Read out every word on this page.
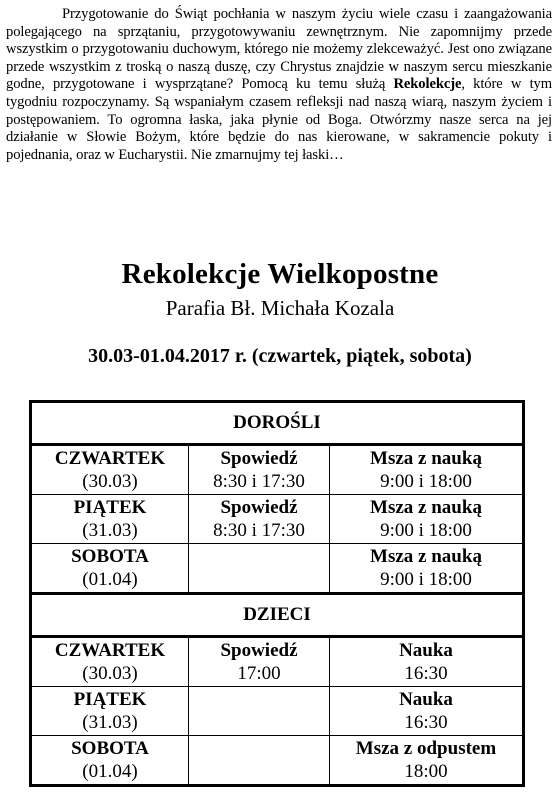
Przygotowanie do Świąt pochłania w naszym życiu wiele czasu i zaangażowania polegającego na sprzątaniu, przygotowywaniu zewnętrznym. Nie zapomnijmy przede wszystkim o przygotowaniu duchowym, którego nie możemy zlekceważyć. Jest ono związane przede wszystkim z troską o naszą duszę, czy Chrystus znajdzie w naszym sercu mieszkanie godne, przygotowane i wysprzątane? Pomocą ku temu służą Rekolekcje, które w tym tygodniu rozpoczynamy. Są wspaniałym czasem refleksji nad naszą wiarą, naszym życiem i postępowaniem. To ogromna łaska, jaka płynie od Boga. Otwórzmy nasze serca na jej działanie w Słowie Bożym, które będzie do nas kierowane, w sakramencie pokuty i pojednania, oraz w Eucharystii. Nie zmarnujmy tej łaski…
Rekolekcje Wielkopostne
Parafia Bł. Michała Kozala
30.03-01.04.2017 r. (czwartek, piątek, sobota)
DOROŚLI
CZWARTEK
(30.03)
Spowiedź
8:30 i 17:30
Msza z nauką
9:00 i 18:00
PIĄTEK
(31.03)
Spowiedź
8:30 i 17:30
Msza z nauką
9:00 i 18:00
SOBOTA
(01.04)
Msza z nauką
9:00 i 18:00
DZIECI
CZWARTEK
(30.03)
Spowiedź
17:00
Nauka
16:30
PIĄTEK
(31.03)
Nauka
16:30
SOBOTA
(01.04)
Msza z odpustem
18:00
